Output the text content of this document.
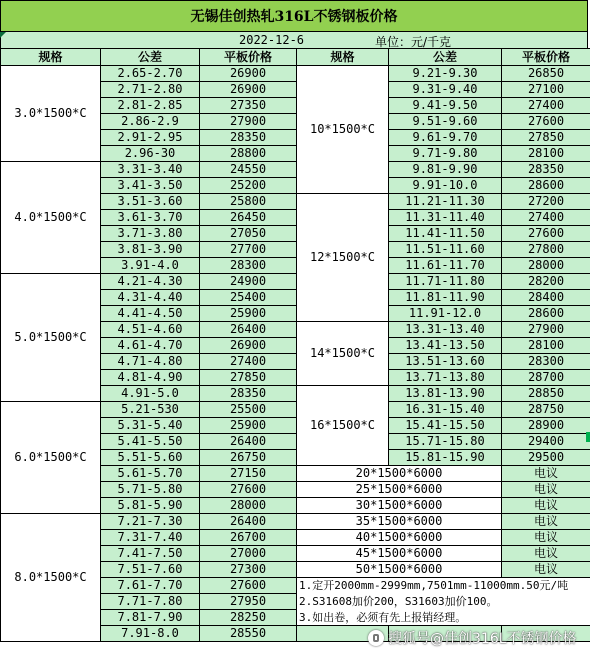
无锡佳创热轧316L不锈钢板价格
2022-12-6	单位：元/千克
规格	公差	平板价格	规格	公差	平板价格
3.0*1500*C	2.65-2.70	26900	10*1500*C	9.21-9.30	26850
	2.71-2.80	26900		9.31-9.40	27100
	2.81-2.85	27350		9.41-9.50	27400
	2.86-2.9	27900		9.51-9.60	27600
	2.91-2.95	28350		9.61-9.70	27850
	2.96-30	28800		9.71-9.80	28100
4.0*1500*C	3.31-3.40	24550		9.81-9.90	28350
	3.41-3.50	25200		9.91-10.0	28600
	3.51-3.60	25800	12*1500*C	11.21-11.30	27200
	3.61-3.70	26450		11.31-11.40	27400
	3.71-3.80	27050		11.41-11.50	27600
	3.81-3.90	27700		11.51-11.60	27800
	3.91-4.0	28300		11.61-11.70	28000
5.0*1500*C	4.21-4.30	24900		11.71-11.80	28200
	4.31-4.40	25400		11.81-11.90	28400
	4.41-4.50	25900		11.91-12.0	28600
	4.51-4.60	26400	14*1500*C	13.31-13.40	27900
	4.61-4.70	26900		13.41-13.50	28100
	4.71-4.80	27400		13.51-13.60	28300
	4.81-4.90	27850		13.71-13.80	28700
	4.91-5.0	28350	16*1500*C	13.81-13.90	28850
6.0*1500*C	5.21-530	25500		16.31-15.40	28750
	5.31-5.40	25900		15.41-15.50	28900
	5.41-5.50	26400		15.71-15.80	29400
	5.51-5.60	26750		15.81-15.90	29500
	5.61-5.70	27150	20*1500*6000		电议
	5.71-5.80	27600	25*1500*6000		电议
	5.81-5.90	28000	30*1500*6000		电议
8.0*1500*C	7.21-7.30	26400	35*1500*6000		电议
	7.31-7.40	26700	40*1500*6000		电议
	7.41-7.50	27000	45*1500*6000		电议
	7.51-7.60	27300	50*1500*6000		电议
	7.61-7.70	27600	1.定开2000mm-2999mm,7501mm-11000mm.50元/吨		
	7.71-7.80	27950	2.S31608加价200，S31603加价100。		
	7.81-7.90	28250	3.如出卷，必须有先上报销经理。		
	7.91-8.0	28550				搜狐号@佳创316L不锈钢价格
